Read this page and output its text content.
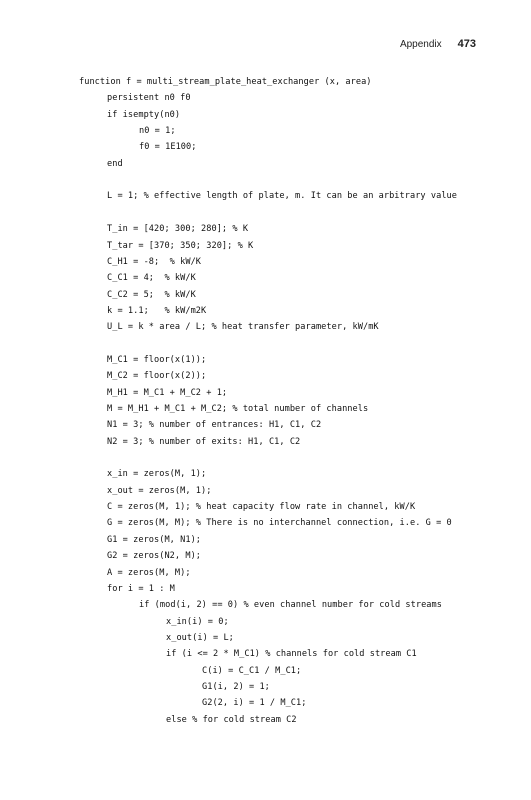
Appendix 473
function f = multi_stream_plate_heat_exchanger (x, area)
persistent n0 f0
if isempty(n0)
n0 = 1;
f0 = 1E100;
end
L = 1; % effective length of plate, m. It can be an arbitrary value
T_in = [420; 300; 280]; % K
T_tar = [370; 350; 320]; % K
C_H1 = -8;  % kW/K
C_C1 = 4;  % kW/K
C_C2 = 5;  % kW/K
k = 1.1;   % kW/m2K
U_L = k * area / L; % heat transfer parameter, kW/mK
M_C1 = floor(x(1));
M_C2 = floor(x(2));
M_H1 = M_C1 + M_C2 + 1;
M = M_H1 + M_C1 + M_C2; % total number of channels
N1 = 3; % number of entrances: H1, C1, C2
N2 = 3; % number of exits: H1, C1, C2
x_in = zeros(M, 1);
x_out = zeros(M, 1);
C = zeros(M, 1); % heat capacity flow rate in channel, kW/K
G = zeros(M, M); % There is no interchannel connection, i.e. G = 0
G1 = zeros(M, N1);
G2 = zeros(N2, M);
A = zeros(M, M);
for i = 1 : M
if (mod(i, 2) == 0) % even channel number for cold streams
x_in(i) = 0;
x_out(i) = L;
if (i <= 2 * M_C1) % channels for cold stream C1
C(i) = C_C1 / M_C1;
G1(i, 2) = 1;
G2(2, i) = 1 / M_C1;
else % for cold stream C2
